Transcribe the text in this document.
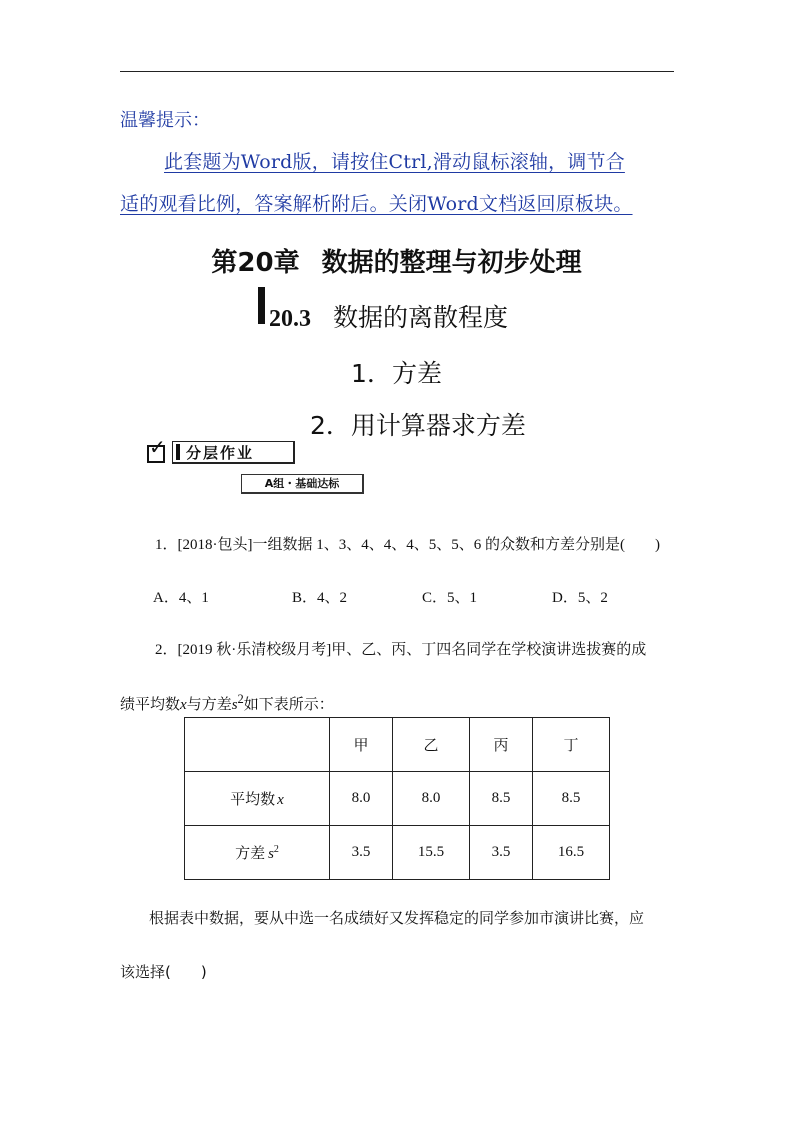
温馨提示：
此套题为Word版，请按住Ctrl,滑动鼠标滚轴，调节合
适的观看比例，答案解析附后。关闭Word文档返回原板块。
第20章 数据的整理与初步处理
20.3 数据的离散程度
1．方差
2．用计算器求方差
✓ 分层作业
A组・基础达标
1．[2018·包头]一组数据 1、3、4、4、4、5、5、6 的众数和方差分别是(　　)
A．4、1	B．4、2	C．5、1	D．5、2
2．[2019 秋·乐清校级月考]甲、乙、丙、丁四名同学在学校演讲选拔赛的成
绩平均数x与方差$s^2$如下表所示：
	甲	乙	丙	丁
平均数 x	8.0	8.0	8.5	8.5
方差 $s^2$	3.5	15.5	3.5	16.5
根据表中数据，要从中选一名成绩好又发挥稳定的同学参加市演讲比赛，应
该选择(　　)
